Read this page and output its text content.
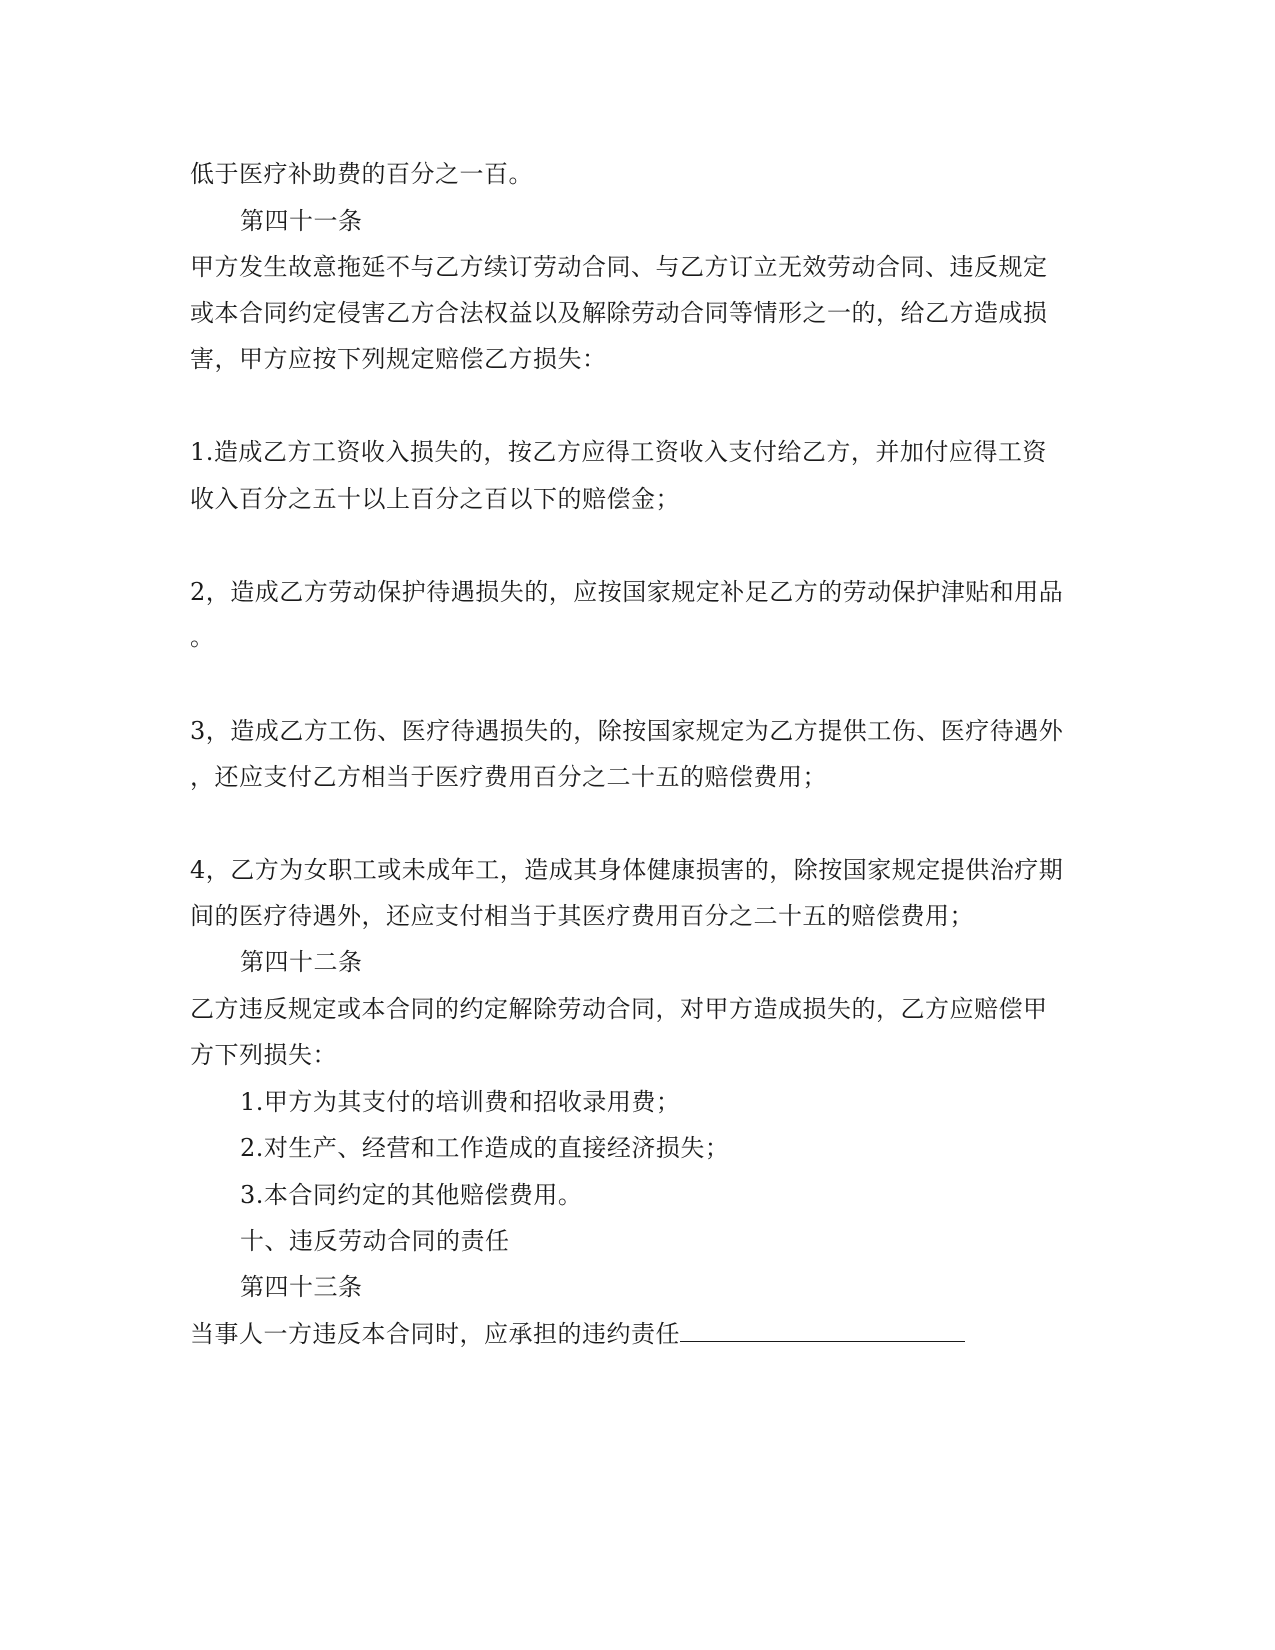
低于医疗补助费的百分之一百。
第四十一条
甲方发生故意拖延不与乙方续订劳动合同、与乙方订立无效劳动合同、违反规定
或本合同约定侵害乙方合法权益以及解除劳动合同等情形之一的，给乙方造成损
害，甲方应按下列规定赔偿乙方损失：
1.造成乙方工资收入损失的，按乙方应得工资收入支付给乙方，并加付应得工资
收入百分之五十以上百分之百以下的赔偿金；
2，造成乙方劳动保护待遇损失的，应按国家规定补足乙方的劳动保护津贴和用品
。
3，造成乙方工伤、医疗待遇损失的，除按国家规定为乙方提供工伤、医疗待遇外
，还应支付乙方相当于医疗费用百分之二十五的赔偿费用；
4，乙方为女职工或未成年工，造成其身体健康损害的，除按国家规定提供治疗期
间的医疗待遇外，还应支付相当于其医疗费用百分之二十五的赔偿费用；
第四十二条
乙方违反规定或本合同的约定解除劳动合同，对甲方造成损失的，乙方应赔偿甲
方下列损失：
1.甲方为其支付的培训费和招收录用费；
2.对生产、经营和工作造成的直接经济损失；
3.本合同约定的其他赔偿费用。
十、违反劳动合同的责任
第四十三条
当事人一方违反本合同时，应承担的违约责任
